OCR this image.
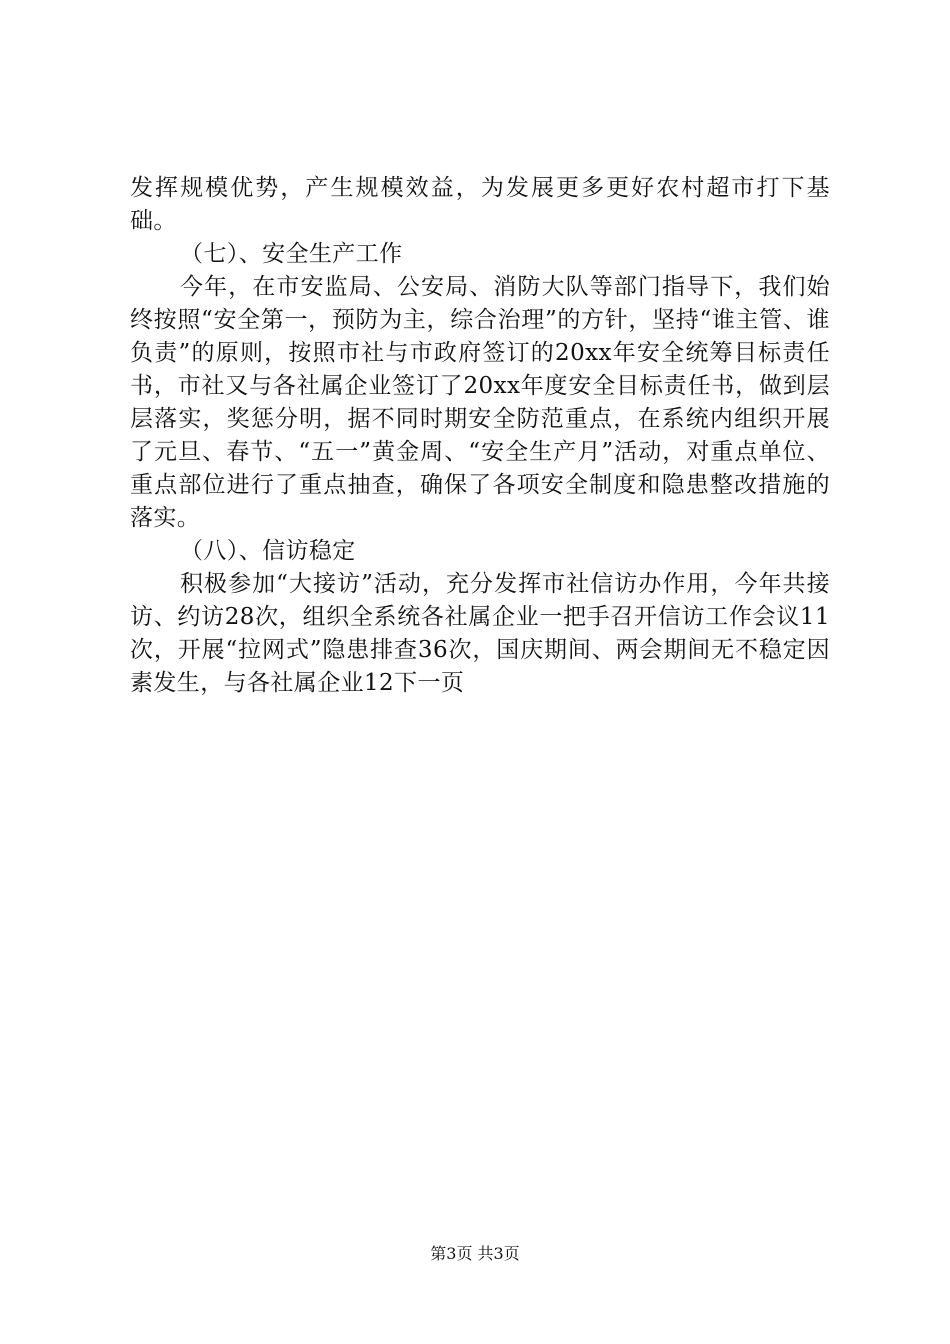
发挥规模优势，产生规模效益，为发展更多更好农村超市打下基础。

（七）、安全生产工作

今年，在市安监局、公安局、消防大队等部门指导下，我们始终按照“安全第一，预防为主，综合治理”的方针，坚持“谁主管、谁负责”的原则，按照市社与市政府签订的20xx年安全统筹目标责任书，市社又与各社属企业签订了20xx年度安全目标责任书，做到层层落实，奖惩分明，据不同时期安全防范重点，在系统内组织开展了元旦、春节、“五一”黄金周、“安全生产月”活动，对重点单位、重点部位进行了重点抽查，确保了各项安全制度和隐患整改措施的落实。

（八）、信访稳定

积极参加“大接访”活动，充分发挥市社信访办作用，今年共接访、约访28次，组织全系统各社属企业一把手召开信访工作会议11次，开展“拉网式”隐患排查36次，国庆期间、两会期间无不稳定因素发生，与各社属企业12下一页

第3页 共3页
